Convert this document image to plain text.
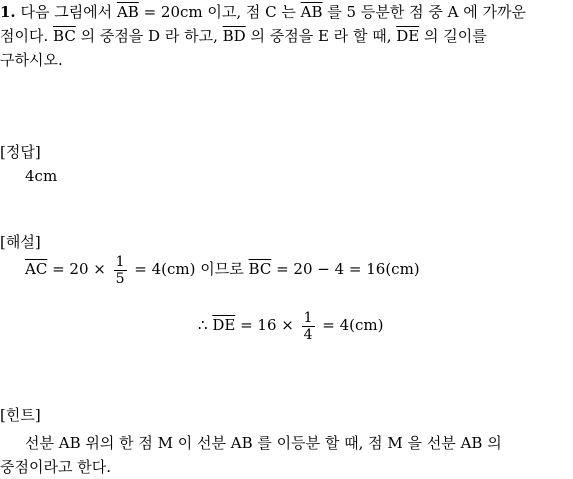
1. 다음 그림에서 $\overline{AB} = 20cm$ 이고, 점 C 는 $\overline{AB}$ 를 5 등분한 점 중 A 에 가까운
점이다. $\overline{BC}$ 의 중점을 D 라 하고, $\overline{BD}$ 의 중점을 E 라 할 때, $\overline{DE}$ 의 길이를
구하시오.
[정답]
4cm
[해설]
$\overline{AC} = 20 \times \frac{1}{5} = 4(cm)$ 이므로 $\overline{BC} = 20 - 4 = 16(cm)$
∴ $\overline{DE} = 16 \times \frac{1}{4} = 4(cm)$
[힌트]
선분 AB 위의 한 점 M 이 선분 AB 를 이등분 할 때, 점 M 을 선분 AB 의
중점이라고 한다.
